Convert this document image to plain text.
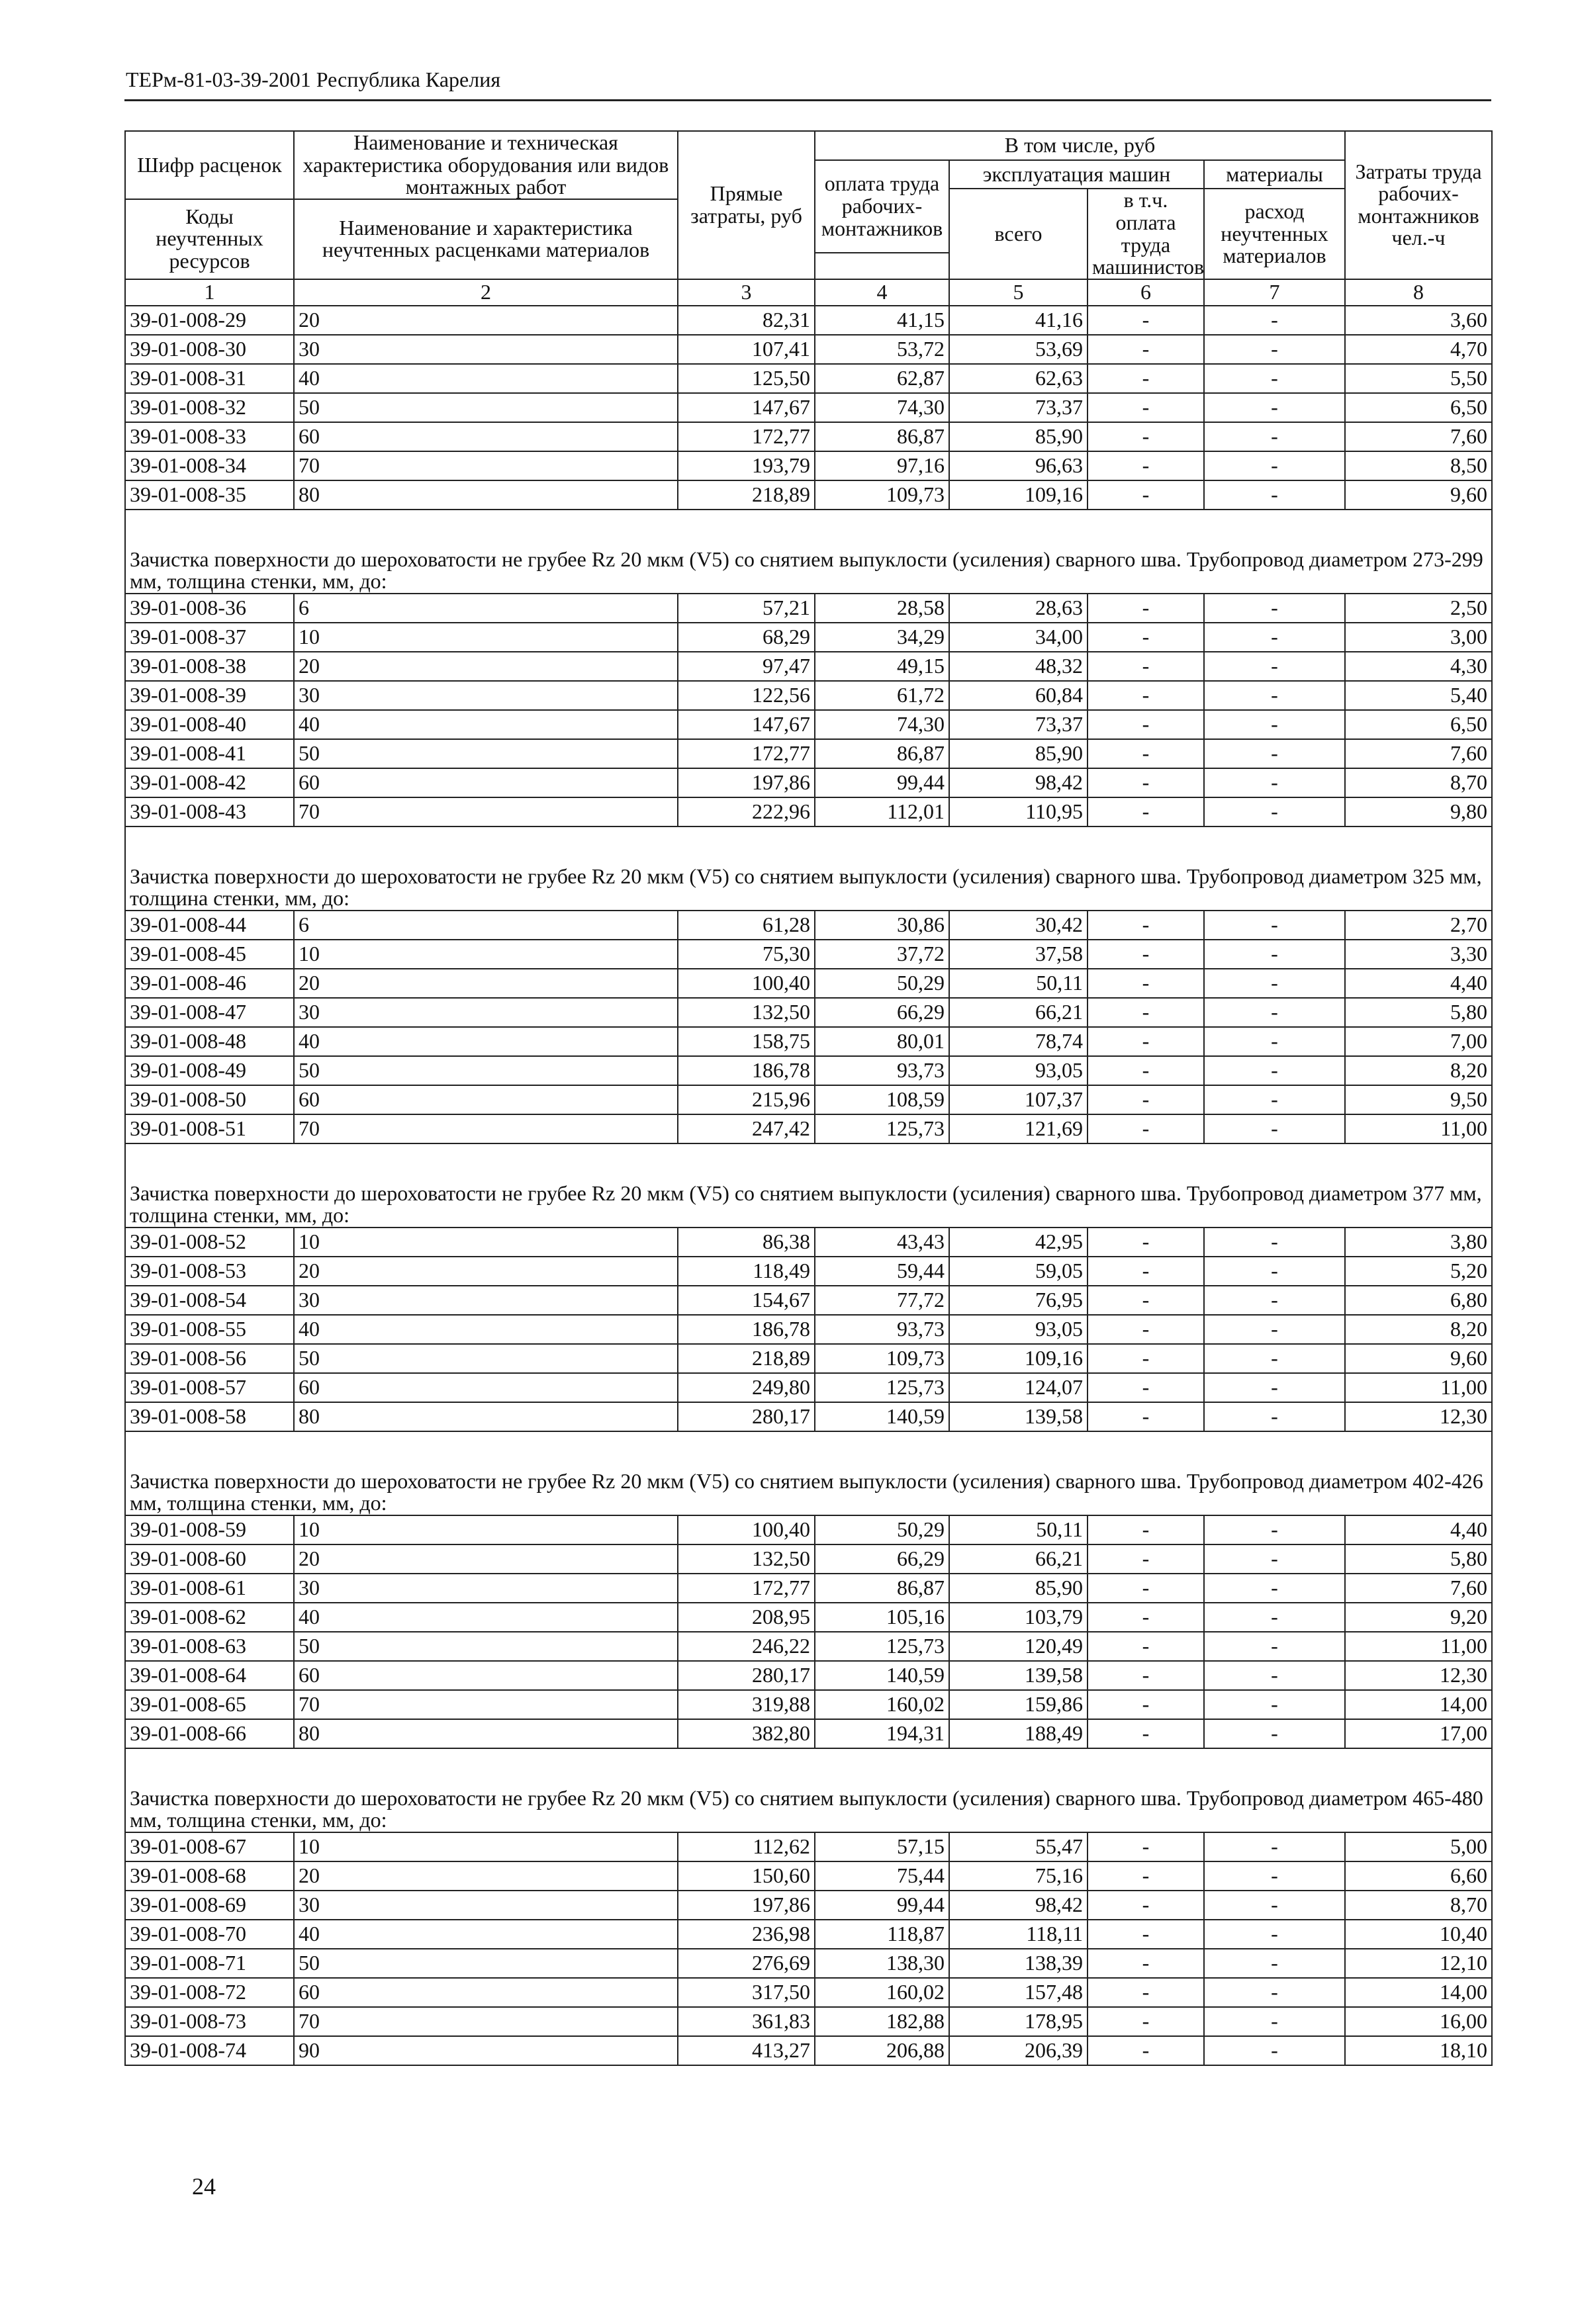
ТЕРм-81-03-39-2001 Республика Карелия
Шифр расценок	Наименование и техническая характеристика оборудования или видов монтажных работ	Прямые затраты, руб	В том числе, руб				Затраты труда рабочих-монтажников чел.-ч
			оплата труда рабочих-монтажников	эксплуатация машин		материалы	
				всего	в т.ч. оплата труда машинистов	расход неучтенных материалов	
Коды неучтенных ресурсов	Наименование и характеристика неучтенных расценками материалов						

1	2	3	4	5	6	7	8
39-01-008-29	20	82,31	41,15	41,16	-	-	3,60
39-01-008-30	30	107,41	53,72	53,69	-	-	4,70
39-01-008-31	40	125,50	62,87	62,63	-	-	5,50
39-01-008-32	50	147,67	74,30	73,37	-	-	6,50
39-01-008-33	60	172,77	86,87	85,90	-	-	7,60
39-01-008-34	70	193,79	97,16	96,63	-	-	8,50
39-01-008-35	80	218,89	109,73	109,16	-	-	9,60
Зачистка поверхности до шероховатости не грубее Rz 20 мкм (V5) со снятием выпуклости (усиления) сварного шва. Трубопровод диаметром 273-299 мм, толщина стенки, мм, до:							
39-01-008-36	6	57,21	28,58	28,63	-	-	2,50
39-01-008-37	10	68,29	34,29	34,00	-	-	3,00
39-01-008-38	20	97,47	49,15	48,32	-	-	4,30
39-01-008-39	30	122,56	61,72	60,84	-	-	5,40
39-01-008-40	40	147,67	74,30	73,37	-	-	6,50
39-01-008-41	50	172,77	86,87	85,90	-	-	7,60
39-01-008-42	60	197,86	99,44	98,42	-	-	8,70
39-01-008-43	70	222,96	112,01	110,95	-	-	9,80
Зачистка поверхности до шероховатости не грубее Rz 20 мкм (V5) со снятием выпуклости (усиления) сварного шва. Трубопровод диаметром 325 мм, толщина стенки, мм, до:							
39-01-008-44	6	61,28	30,86	30,42	-	-	2,70
39-01-008-45	10	75,30	37,72	37,58	-	-	3,30
39-01-008-46	20	100,40	50,29	50,11	-	-	4,40
39-01-008-47	30	132,50	66,29	66,21	-	-	5,80
39-01-008-48	40	158,75	80,01	78,74	-	-	7,00
39-01-008-49	50	186,78	93,73	93,05	-	-	8,20
39-01-008-50	60	215,96	108,59	107,37	-	-	9,50
39-01-008-51	70	247,42	125,73	121,69	-	-	11,00
Зачистка поверхности до шероховатости не грубее Rz 20 мкм (V5) со снятием выпуклости (усиления) сварного шва. Трубопровод диаметром 377 мм, толщина стенки, мм, до:							
39-01-008-52	10	86,38	43,43	42,95	-	-	3,80
39-01-008-53	20	118,49	59,44	59,05	-	-	5,20
39-01-008-54	30	154,67	77,72	76,95	-	-	6,80
39-01-008-55	40	186,78	93,73	93,05	-	-	8,20
39-01-008-56	50	218,89	109,73	109,16	-	-	9,60
39-01-008-57	60	249,80	125,73	124,07	-	-	11,00
39-01-008-58	80	280,17	140,59	139,58	-	-	12,30
Зачистка поверхности до шероховатости не грубее Rz 20 мкм (V5) со снятием выпуклости (усиления) сварного шва. Трубопровод диаметром 402-426 мм, толщина стенки, мм, до:							
39-01-008-59	10	100,40	50,29	50,11	-	-	4,40
39-01-008-60	20	132,50	66,29	66,21	-	-	5,80
39-01-008-61	30	172,77	86,87	85,90	-	-	7,60
39-01-008-62	40	208,95	105,16	103,79	-	-	9,20
39-01-008-63	50	246,22	125,73	120,49	-	-	11,00
39-01-008-64	60	280,17	140,59	139,58	-	-	12,30
39-01-008-65	70	319,88	160,02	159,86	-	-	14,00
39-01-008-66	80	382,80	194,31	188,49	-	-	17,00
Зачистка поверхности до шероховатости не грубее Rz 20 мкм (V5) со снятием выпуклости (усиления) сварного шва. Трубопровод диаметром 465-480 мм, толщина стенки, мм, до:							
39-01-008-67	10	112,62	57,15	55,47	-	-	5,00
39-01-008-68	20	150,60	75,44	75,16	-	-	6,60
39-01-008-69	30	197,86	99,44	98,42	-	-	8,70
39-01-008-70	40	236,98	118,87	118,11	-	-	10,40
39-01-008-71	50	276,69	138,30	138,39	-	-	12,10
39-01-008-72	60	317,50	160,02	157,48	-	-	14,00
39-01-008-73	70	361,83	182,88	178,95	-	-	16,00
39-01-008-74	90	413,27	206,88	206,39	-	-	18,10
24
